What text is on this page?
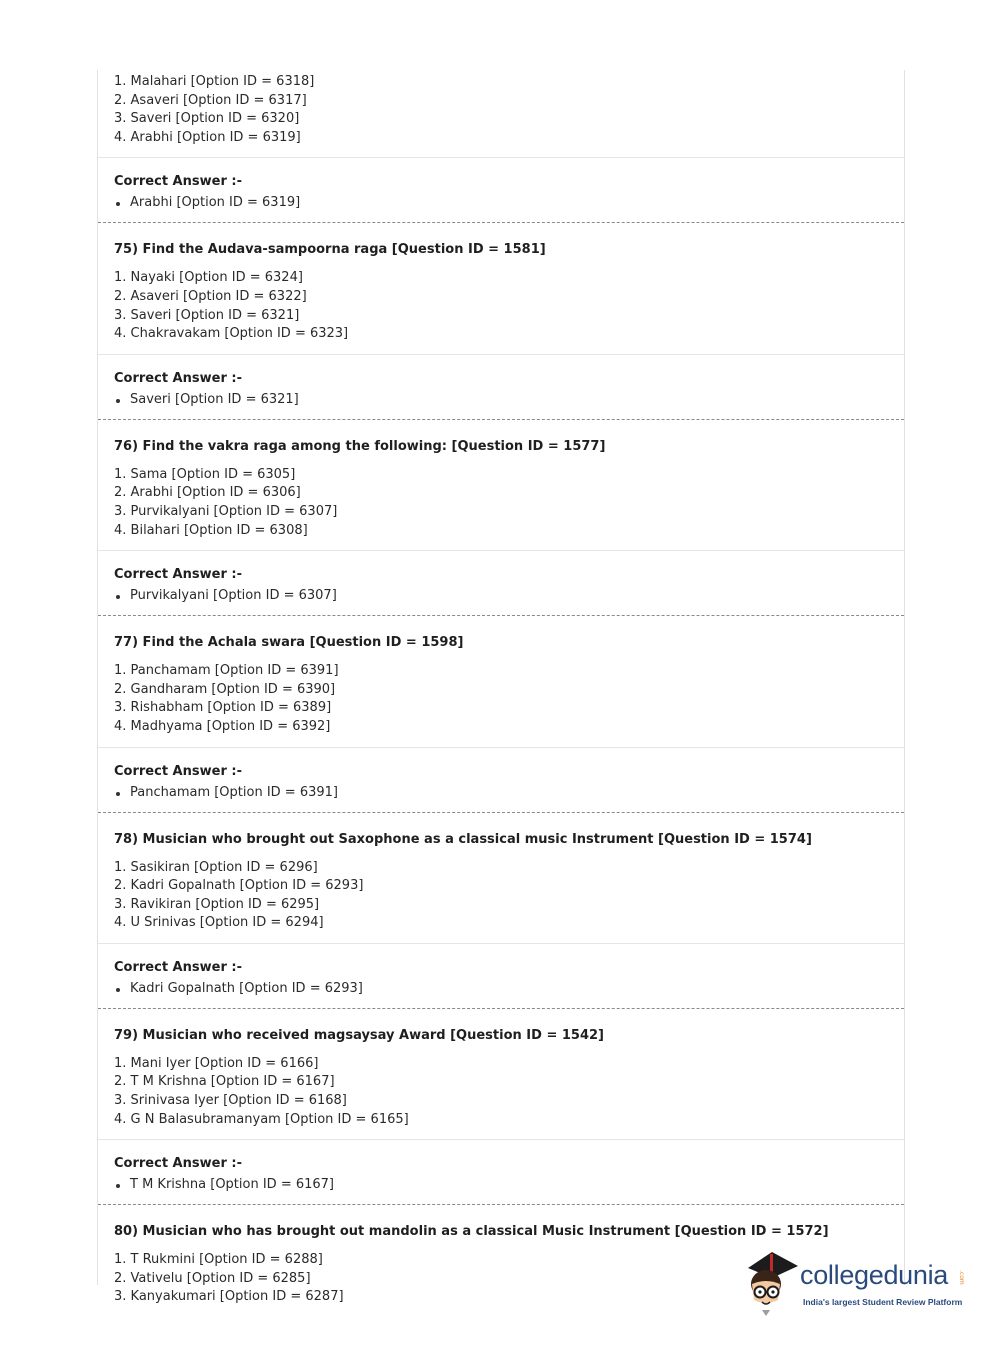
1. Malahari [Option ID = 6318]
2. Asaveri [Option ID = 6317]
3. Saveri [Option ID = 6320]
4. Arabhi [Option ID = 6319]
Correct Answer :-
Arabhi [Option ID = 6319]
75) Find the Audava-sampoorna raga [Question ID = 1581]
1. Nayaki [Option ID = 6324]
2. Asaveri [Option ID = 6322]
3. Saveri [Option ID = 6321]
4. Chakravakam [Option ID = 6323]
Correct Answer :-
Saveri [Option ID = 6321]
76) Find the vakra raga among the following: [Question ID = 1577]
1. Sama [Option ID = 6305]
2. Arabhi [Option ID = 6306]
3. Purvikalyani [Option ID = 6307]
4. Bilahari [Option ID = 6308]
Correct Answer :-
Purvikalyani [Option ID = 6307]
77) Find the Achala swara [Question ID = 1598]
1. Panchamam [Option ID = 6391]
2. Gandharam [Option ID = 6390]
3. Rishabham [Option ID = 6389]
4. Madhyama [Option ID = 6392]
Correct Answer :-
Panchamam [Option ID = 6391]
78) Musician who brought out Saxophone as a classical music Instrument [Question ID = 1574]
1. Sasikiran [Option ID = 6296]
2. Kadri Gopalnath [Option ID = 6293]
3. Ravikiran [Option ID = 6295]
4. U Srinivas [Option ID = 6294]
Correct Answer :-
Kadri Gopalnath [Option ID = 6293]
79) Musician who received magsaysay Award [Question ID = 1542]
1. Mani Iyer [Option ID = 6166]
2. T M Krishna [Option ID = 6167]
3. Srinivasa Iyer [Option ID = 6168]
4. G N Balasubramanyam [Option ID = 6165]
Correct Answer :-
T M Krishna [Option ID = 6167]
80) Musician who has brought out mandolin as a classical Music Instrument [Question ID = 1572]
1. T Rukmini [Option ID = 6288]
2. Vativelu [Option ID = 6285]
3. Kanyakumari [Option ID = 6287]
collegedunia .com
India's largest Student Review Platform
